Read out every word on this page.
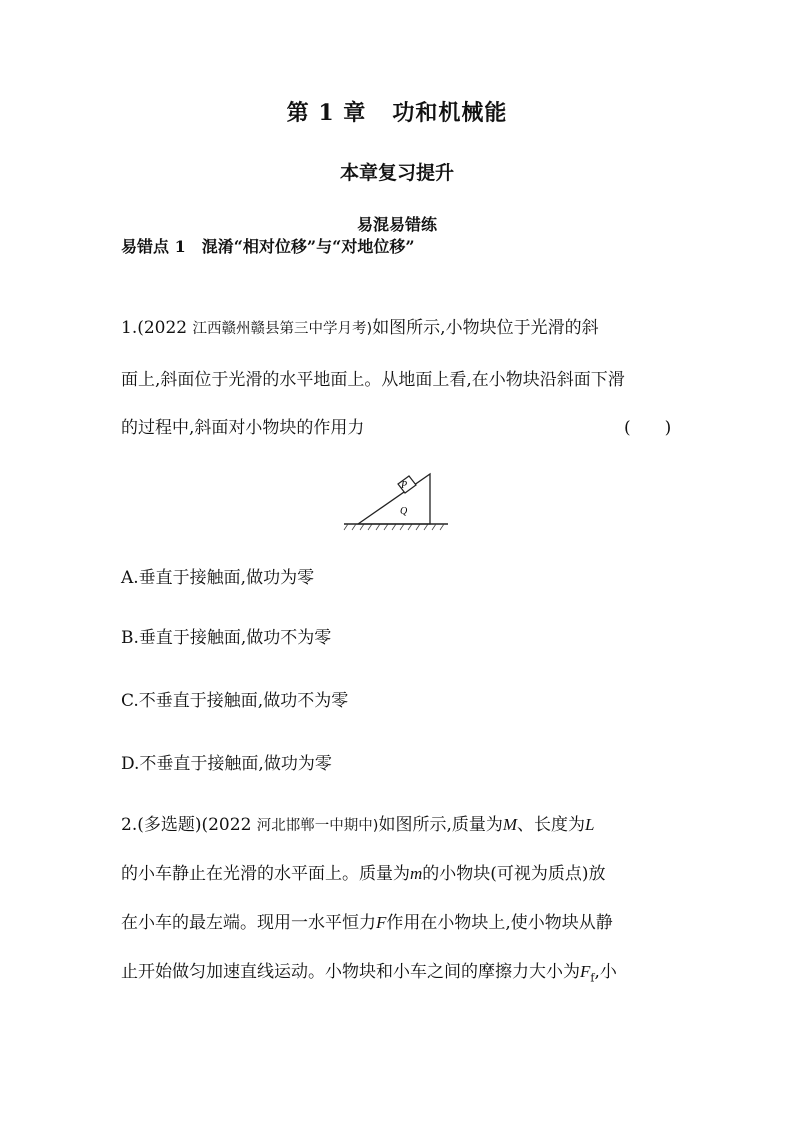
第 1 章 功和机械能
本章复习提升
易混易错练
易错点 1 混淆“相对位移”与“对地位移”
1.(2022 江西赣州赣县第三中学月考)如图所示,小物块位于光滑的斜
面上,斜面位于光滑的水平地面上。从地面上看,在小物块沿斜面下滑
的过程中,斜面对小物块的作用力	(　　)
P
Q
A.垂直于接触面,做功为零
B.垂直于接触面,做功不为零
C.不垂直于接触面,做功不为零
D.不垂直于接触面,做功为零
2.(多选题)(2022 河北邯郸一中期中)如图所示,质量为M、长度为L
的小车静止在光滑的水平面上。质量为m的小物块(可视为质点)放
在小车的最左端。现用一水平恒力F作用在小物块上,使小物块从静
止开始做匀加速直线运动。小物块和小车之间的摩擦力大小为$F_f$,小
